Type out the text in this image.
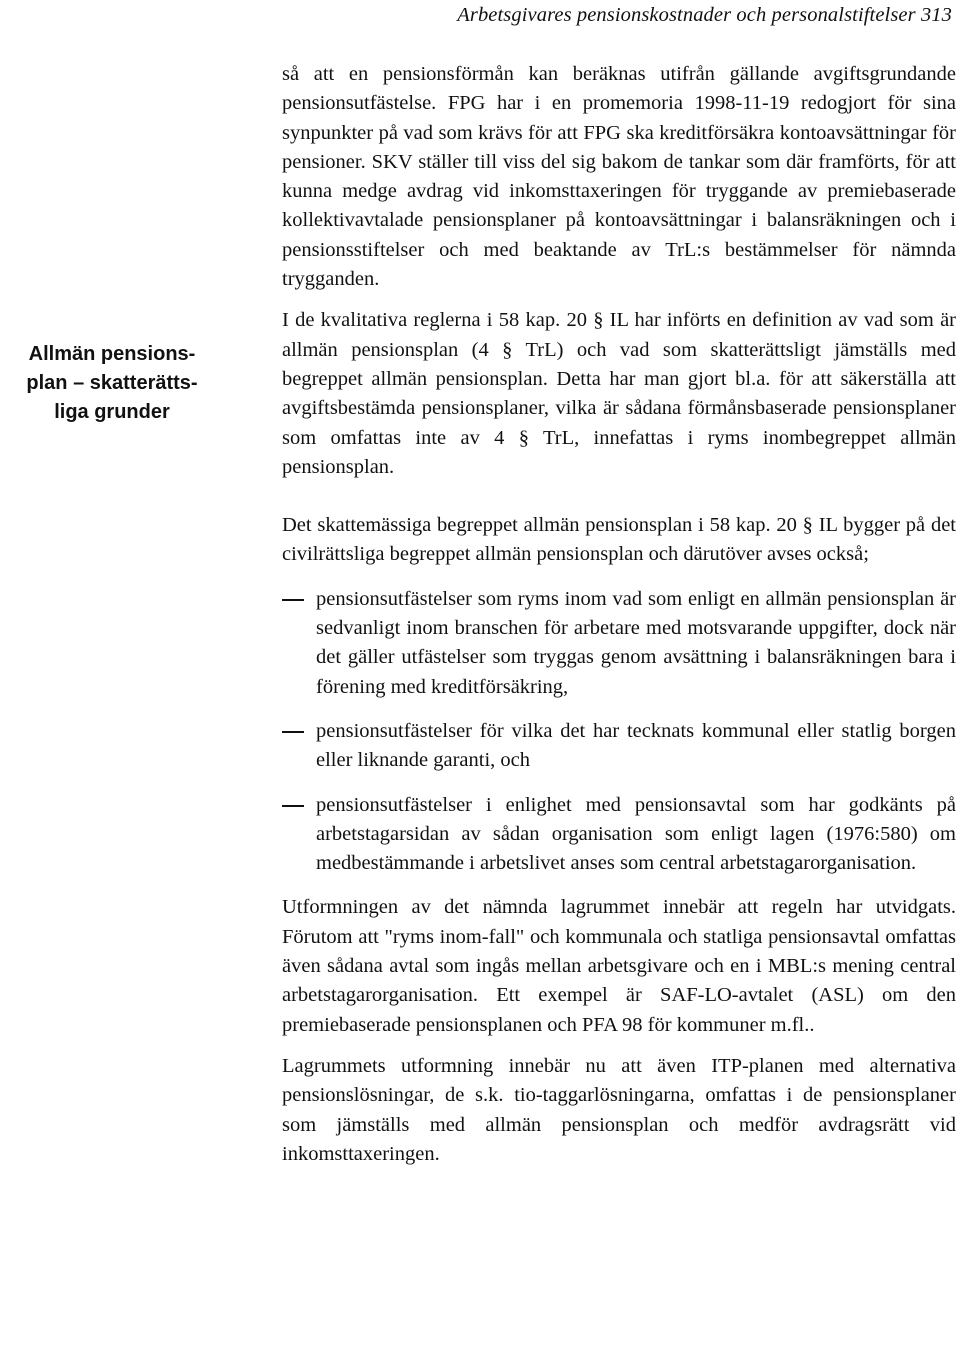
Arbetsgivares pensionskostnader och personalstiftelser 313
Allmän pensions-
plan – skatterätts-
liga grunder

så att en pensionsförmån kan beräknas utifrån gällande avgiftsgrundande pensionsutfästelse. FPG har i en promemoria 1998-11-19 redogjort för sina synpunkter på vad som krävs för att FPG ska kreditförsäkra kontoavsättningar för pensioner. SKV ställer till viss del sig bakom de tankar som där framförts, för att kunna medge avdrag vid inkomsttaxeringen för tryggande av premiebaserade kollektivavtalade pensionsplaner på kontoavsättningar i balansräkningen och i pensionsstiftelser och med beaktande av TrL:s bestämmelser för nämnda trygganden.

I de kvalitativa reglerna i 58 kap. 20 § IL har införts en definition av vad som är allmän pensionsplan (4 § TrL) och vad som skatterättsligt jämställs med begreppet allmän pensionsplan. Detta har man gjort bl.a. för att säkerställa att avgiftsbestämda pensionsplaner, vilka är sådana förmånsbaserade pensionsplaner som omfattas inte av 4 § TrL, innefattas i ryms inombegreppet allmän pensionsplan.

Det skattemässiga begreppet allmän pensionsplan i 58 kap. 20 § IL bygger på det civilrättsliga begreppet allmän pensionsplan och därutöver avses också;

pensionsutfästelser som ryms inom vad som enligt en allmän pensionsplan är sedvanligt inom branschen för arbetare med motsvarande uppgifter, dock när det gäller utfästelser som tryggas genom avsättning i balansräkningen bara i förening med kreditförsäkring,

pensionsutfästelser för vilka det har tecknats kommunal eller statlig borgen eller liknande garanti, och

pensionsutfästelser i enlighet med pensionsavtal som har godkänts på arbetstagarsidan av sådan organisation som enligt lagen (1976:580) om medbestämmande i arbetslivet anses som central arbetstagarorganisation.

Utformningen av det nämnda lagrummet innebär att regeln har utvidgats. Förutom att "ryms inom-fall" och kommunala och statliga pensionsavtal omfattas även sådana avtal som ingås mellan arbetsgivare och en i MBL:s mening central arbetstagarorganisation. Ett exempel är SAF-LO-avtalet (ASL) om den premiebaserade pensionsplanen och PFA 98 för kommuner m.fl..

Lagrummets utformning innebär nu att även ITP-planen med alternativa pensionslösningar, de s.k. tio-taggarlösningarna, omfattas i de pensionsplaner som jämställs med allmän pensionsplan och medför avdragsrätt vid inkomsttaxeringen.
